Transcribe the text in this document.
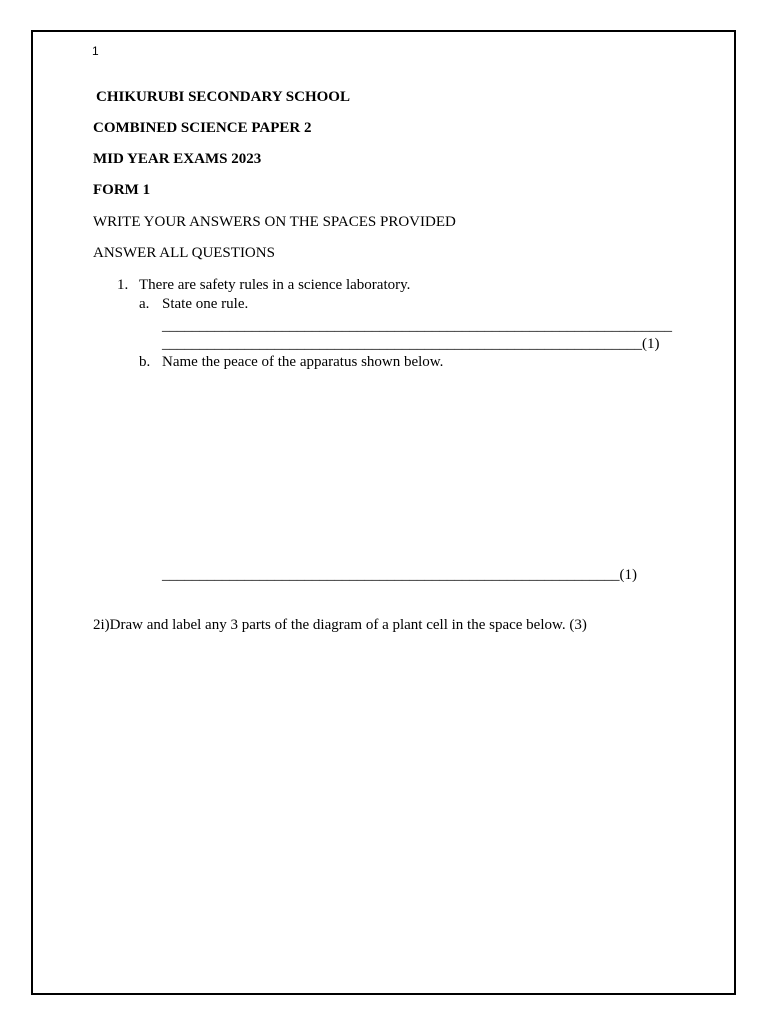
1
CHIKURUBI SECONDARY SCHOOL
COMBINED SCIENCE PAPER 2
MID YEAR EXAMS 2023
FORM 1
WRITE YOUR ANSWERS ON THE SPACES PROVIDED
ANSWER ALL QUESTIONS
1. There are safety rules in a science laboratory.
a. State one rule.
____________________________________________________________________
________________________________________________________________(1)
b. Name the peace of the apparatus shown below.
_____________________________________________________________(1)
2i)Draw and label any 3 parts of the diagram of a plant cell in the space below. (3)
